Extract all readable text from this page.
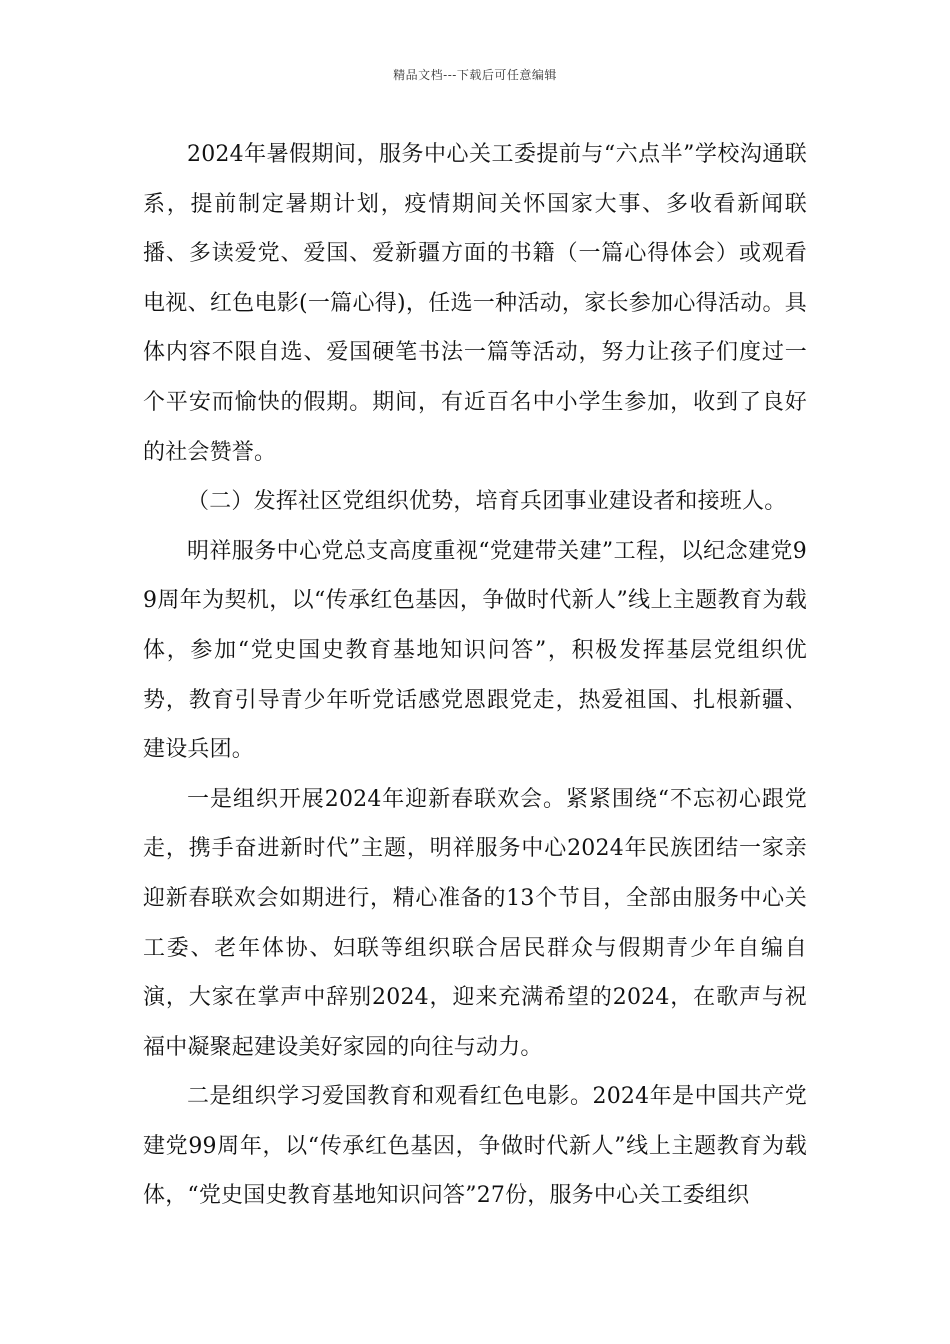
精品文档---下载后可任意编辑

2024年暑假期间，服务中心关工委提前与“六点半”学校沟通联系，提前制定暑期计划，疫情期间关怀国家大事、多收看新闻联播、多读爱党、爱国、爱新疆方面的书籍（一篇心得体会）或观看电视、红色电影(一篇心得)，任选一种活动，家长参加心得活动。具体内容不限自选、爱国硬笔书法一篇等活动，努力让孩子们度过一个平安而愉快的假期。期间，有近百名中小学生参加，收到了良好的社会赞誉。

（二）发挥社区党组织优势，培育兵团事业建设者和接班人。

明祥服务中心党总支高度重视“党建带关建”工程，以纪念建党99周年为契机，以“传承红色基因，争做时代新人”线上主题教育为载体，参加“党史国史教育基地知识问答”，积极发挥基层党组织优势，教育引导青少年听党话感党恩跟党走，热爱祖国、扎根新疆、建设兵团。

一是组织开展2024年迎新春联欢会。紧紧围绕“不忘初心跟党走，携手奋进新时代”主题，明祥服务中心2024年民族团结一家亲迎新春联欢会如期进行，精心准备的13个节目，全部由服务中心关工委、老年体协、妇联等组织联合居民群众与假期青少年自编自演，大家在掌声中辞别2024，迎来充满希望的2024，在歌声与祝福中凝聚起建设美好家园的向往与动力。

二是组织学习爱国教育和观看红色电影。2024年是中国共产党建党99周年，以“传承红色基因，争做时代新人”线上主题教育为载体，“党史国史教育基地知识问答”27份，服务中心关工委组织
